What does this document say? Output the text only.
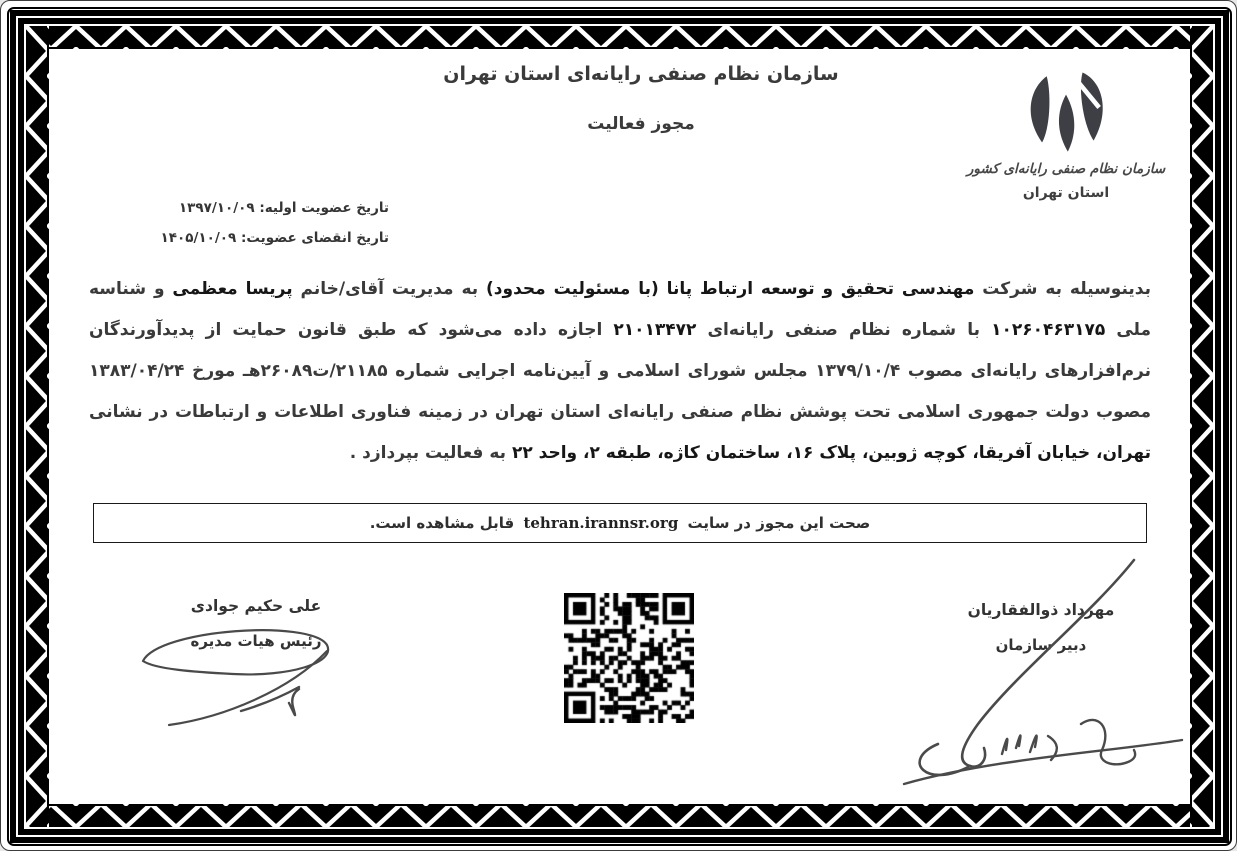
سازمان نظام صنفی رایانه‌ای استان تهران
مجوز فعالیت
سازمان نظام صنفی رایانه‌ای کشور
استان تهران
تاریخ عضویت اولیه: ۱۳۹۷/۱۰/۰۹
تاریخ انقضای عضویت: ۱۴۰۵/۱۰/۰۹
بدینوسیله به شرکت مهندسی تحقیق و توسعه ارتباط پانا (با مسئولیت محدود) به مدیریت آقای/خانم پریسا معظمی و شناسه ملی ۱۰۲۶۰۴۶۳۱۷۵ با شماره نظام صنفی رایانه‌ای ۲۱۰۱۳۴۷۲ اجازه داده می‌شود که طبق قانون حمایت از پدیدآورندگان نرم‌افزارهای رایانه‌ای مصوب ۱۳۷۹/۱۰/۴ مجلس شورای اسلامی و آیین‌نامه اجرایی شماره ۲۱۱۸۵/ت۲۶۰۸۹هـ مورخ ۱۳۸۳/۰۴/۲۴ مصوب دولت جمهوری اسلامی تحت پوشش نظام صنفی رایانه‌ای استان تهران در زمینه فناوری اطلاعات و ارتباطات در نشانی تهران، خیابان آفریقا، کوچه ژوبین، پلاک ۱۶، ساختمان کاژه، طبقه ۲، واحد ۲۲ به فعالیت بپردازد .
صحت این مجوز در سایت tehran.irannsr.org قابل مشاهده است.
علی حکیم جوادی
رئیس هیات مدیره
مهرداد ذوالفقاریان
دبیر سازمان
